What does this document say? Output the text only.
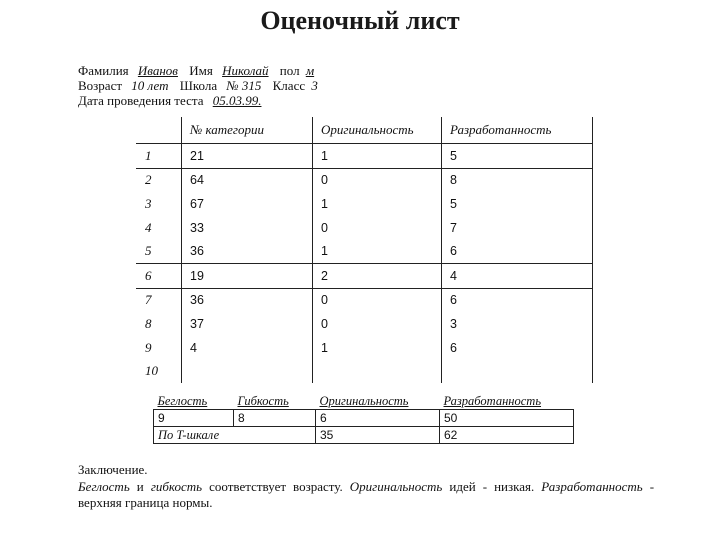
Оценочный лист
Фамилия Иванов Имя Николай пол м
Возраст 10 лет Школа № 315 Класс 3
Дата проведения теста 05.03.99.
	№ категории	Оригинальность	Разработанность
1	21	1	5
2	64	0	8
3	67	1	5
4	33	0	7
5	36	1	6
6	19	2	4
7	36	0	6
8	37	0	3
9	4	1	6
10			
Беглость	Гибкость	Оригинальность	Разработанность
9	8	6	50
По T-шкале		35	62
Заключение.
Беглость и гибкость соответствует возрасту. Оригинальность идей - низкая. Разработанность -
верхняя граница нормы.
